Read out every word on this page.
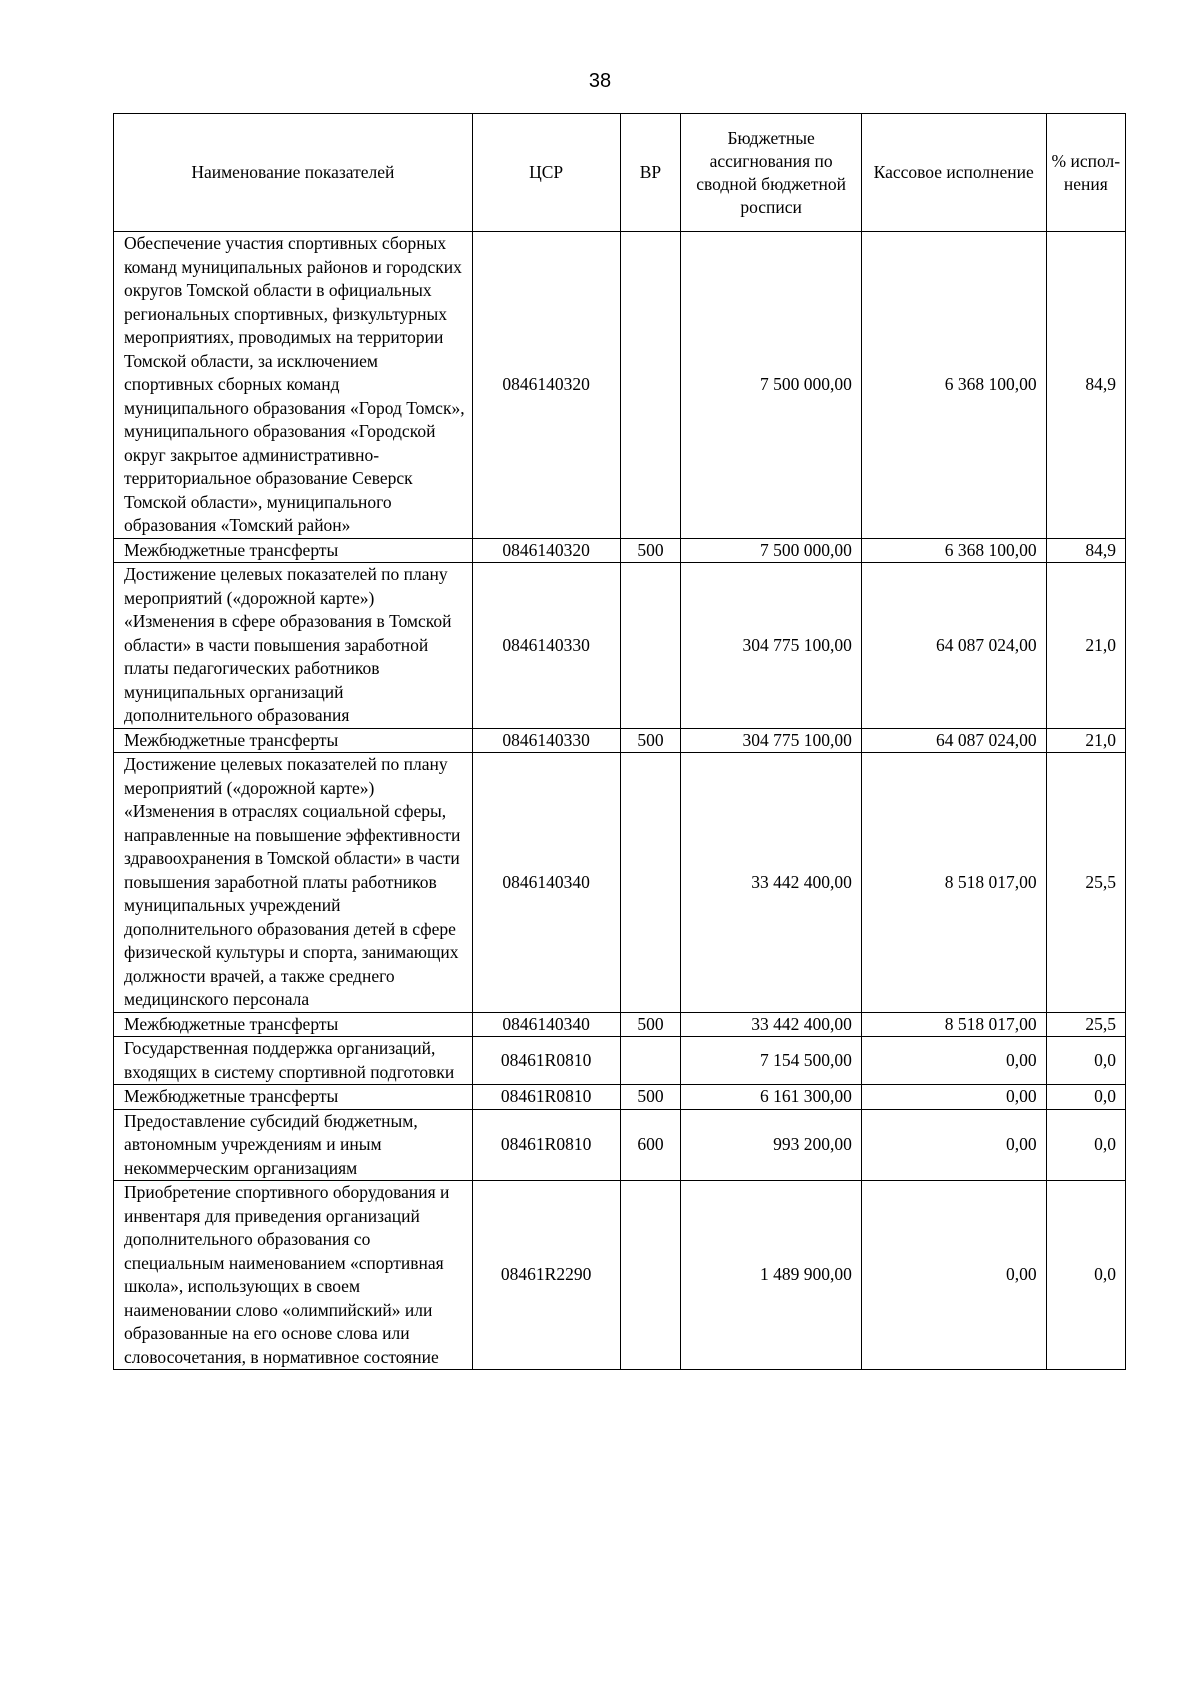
38
Наименование показателей	ЦСР	ВР	Бюджетные ассигнования по сводной бюджетной росписи	Кассовое исполнение	% испол-нения
Обеспечение участия спортивных сборных команд муниципальных районов и городских округов Томской области в официальных региональных спортивных, физкультурных мероприятиях, проводимых на территории Томской области, за исключением спортивных сборных команд муниципального образования «Город Томск», муниципального образования «Городской округ закрытое административно-территориальное образование Северск Томской области», муниципального образования «Томский район»	0846140320		7 500 000,00	6 368 100,00	84,9
Межбюджетные трансферты	0846140320	500	7 500 000,00	6 368 100,00	84,9
Достижение целевых показателей по плану мероприятий («дорожной карте») «Изменения в сфере образования в Томской области» в части повышения заработной платы педагогических работников муниципальных организаций дополнительного образования	0846140330		304 775 100,00	64 087 024,00	21,0
Межбюджетные трансферты	0846140330	500	304 775 100,00	64 087 024,00	21,0
Достижение целевых показателей по плану мероприятий («дорожной карте») «Изменения в отраслях социальной сферы, направленные на повышение эффективности здравоохранения в Томской области» в части повышения заработной платы работников муниципальных учреждений дополнительного образования детей в сфере физической культуры и спорта, занимающих должности врачей, а также среднего медицинского персонала	0846140340		33 442 400,00	8 518 017,00	25,5
Межбюджетные трансферты	0846140340	500	33 442 400,00	8 518 017,00	25,5
Государственная поддержка организаций, входящих в систему спортивной подготовки	08461R0810		7 154 500,00	0,00	0,0
Межбюджетные трансферты	08461R0810	500	6 161 300,00	0,00	0,0
Предоставление субсидий бюджетным, автономным учреждениям и иным некоммерческим организациям	08461R0810	600	993 200,00	0,00	0,0
Приобретение спортивного оборудования и инвентаря для приведения организаций дополнительного образования со специальным наименованием «спортивная школа», использующих в своем наименовании слово «олимпийский» или образованные на его основе слова или словосочетания, в нормативное состояние	08461R2290		1 489 900,00	0,00	0,0
